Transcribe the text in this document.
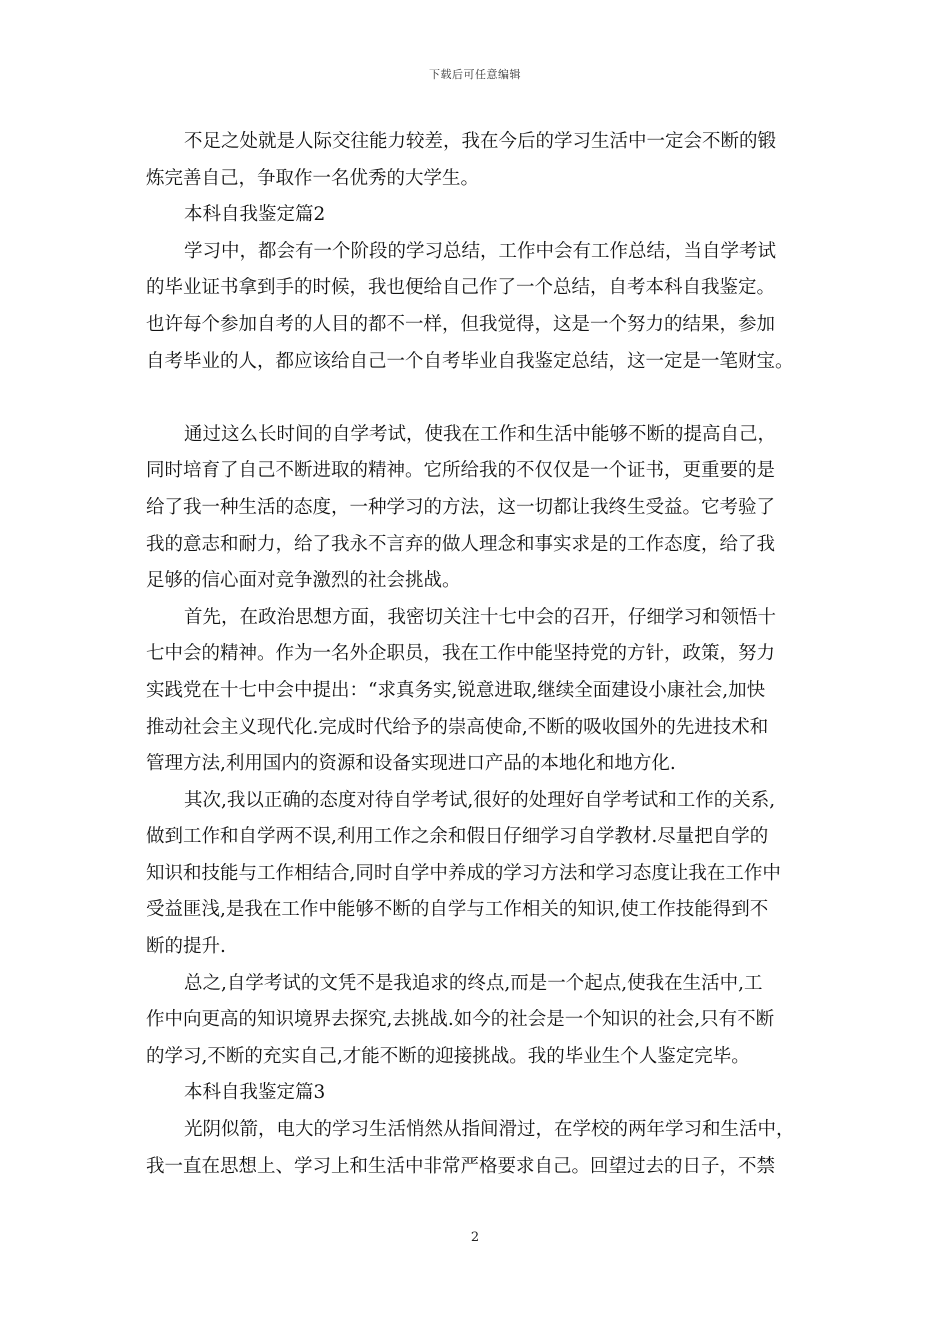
下载后可任意编辑
不足之处就是人际交往能力较差，我在今后的学习生活中一定会不断的锻
炼完善自己，争取作一名优秀的大学生。
本科自我鉴定篇2
学习中，都会有一个阶段的学习总结，工作中会有工作总结，当自学考试
的毕业证书拿到手的时候，我也便给自己作了一个总结，自考本科自我鉴定。
也许每个参加自考的人目的都不一样，但我觉得，这是一个努力的结果，参加
自考毕业的人，都应该给自己一个自考毕业自我鉴定总结，这一定是一笔财宝。
通过这么长时间的自学考试，使我在工作和生活中能够不断的提高自己，
同时培育了自己不断进取的精神。它所给我的不仅仅是一个证书，更重要的是
给了我一种生活的态度，一种学习的方法，这一切都让我终生受益。它考验了
我的意志和耐力，给了我永不言弃的做人理念和事实求是的工作态度，给了我
足够的信心面对竞争激烈的社会挑战。
首先，在政治思想方面，我密切关注十七中会的召开，仔细学习和领悟十
七中会的精神。作为一名外企职员，我在工作中能坚持党的方针，政策，努力
实践党在十七中会中提出：“求真务实,锐意进取,继续全面建设小康社会,加快
推动社会主义现代化.完成时代给予的崇高使命,不断的吸收国外的先进技术和
管理方法,利用国内的资源和设备实现进口产品的本地化和地方化.
其次,我以正确的态度对待自学考试,很好的处理好自学考试和工作的关系,
做到工作和自学两不误,利用工作之余和假日仔细学习自学教材.尽量把自学的
知识和技能与工作相结合,同时自学中养成的学习方法和学习态度让我在工作中
受益匪浅,是我在工作中能够不断的自学与工作相关的知识,使工作技能得到不
断的提升.
总之,自学考试的文凭不是我追求的终点,而是一个起点,使我在生活中,工
作中向更高的知识境界去探究,去挑战.如今的社会是一个知识的社会,只有不断
的学习,不断的充实自己,才能不断的迎接挑战。我的毕业生个人鉴定完毕。
本科自我鉴定篇3
光阴似箭，电大的学习生活悄然从指间滑过，在学校的两年学习和生活中，
我一直在思想上、学习上和生活中非常严格要求自己。回望过去的日子，不禁
2
